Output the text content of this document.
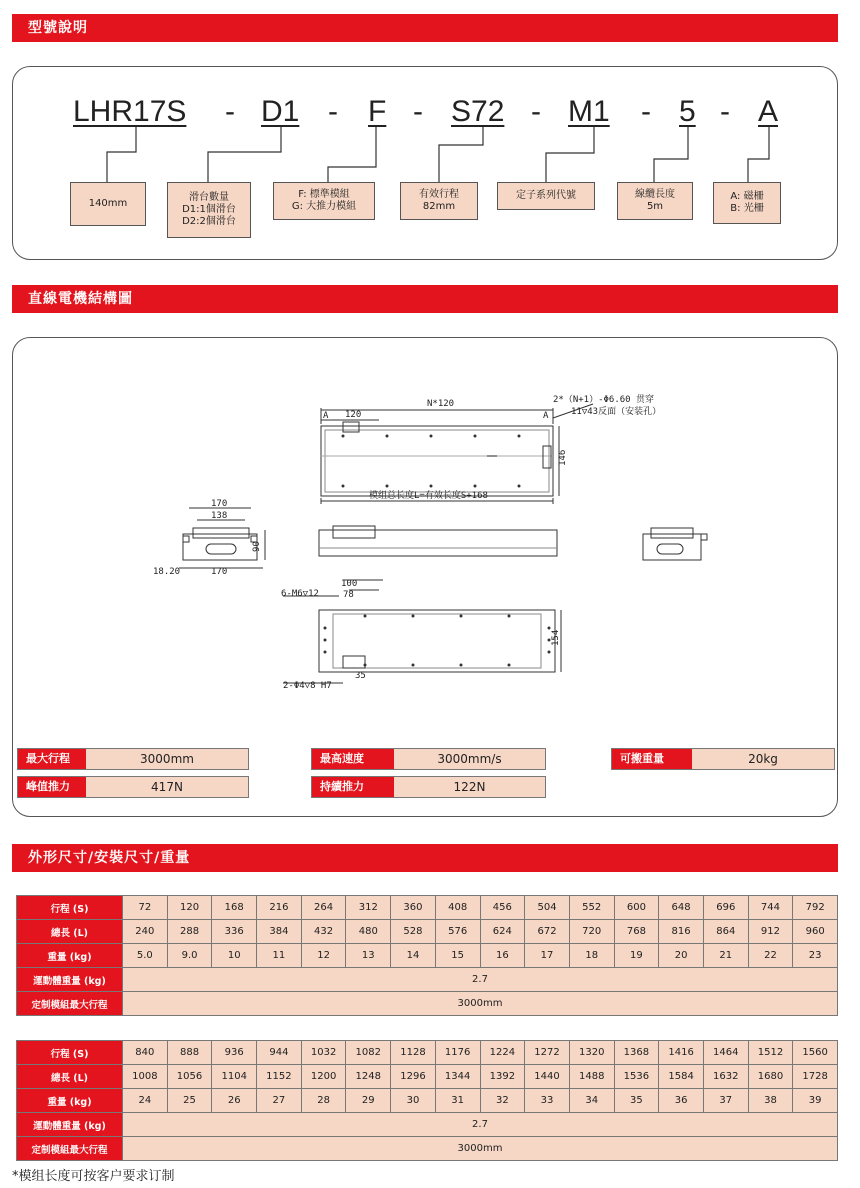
型號說明
LHR17S - D1 - F - S72 - M1 - 5 - A
140mm
滑台數量
D1:1個滑台
D2:2個滑台
F: 標準模組
G: 大推力模組
有效行程
82mm
定子系列代號	線纜長度
5m
A: 磁柵
B: 光柵
直線電機結構圖
N*120
A 120	A
2*（N+1）-Φ6.60 贯穿
11▽43反面（安装孔）
146
模组总长度L=有效长度S+168
170
138
90
18.20	170
100
78
6-M6▽12
154
35
2-Φ4▽8 H7
最大行程	3000mm
峰值推力	417N
最高速度	3000mm/s
持續推力	122N
可搬重量	20kg
外形尺寸/安裝尺寸/重量
行程 (S)	72	120	168	216	264	312	360	408	456	504	552	600	648	696	744	792
總長 (L)	240	288	336	384	432	480	528	576	624	672	720	768	816	864	912	960
重量 (kg)	5.0	9.0	10	11	12	13	14	15	16	17	18	19	20	21	22	23
運動體重量 (kg)	2.7															
定制模組最大行程	3000mm															
行程 (S)	840	888	936	944	1032	1082	1128	1176	1224	1272	1320	1368	1416	1464	1512	1560
總長 (L)	1008	1056	1104	1152	1200	1248	1296	1344	1392	1440	1488	1536	1584	1632	1680	1728
重量 (kg)	24	25	26	27	28	29	30	31	32	33	34	35	36	37	38	39
運動體重量 (kg)	2.7															
定制模組最大行程	3000mm															
*模组长度可按客户要求订制
